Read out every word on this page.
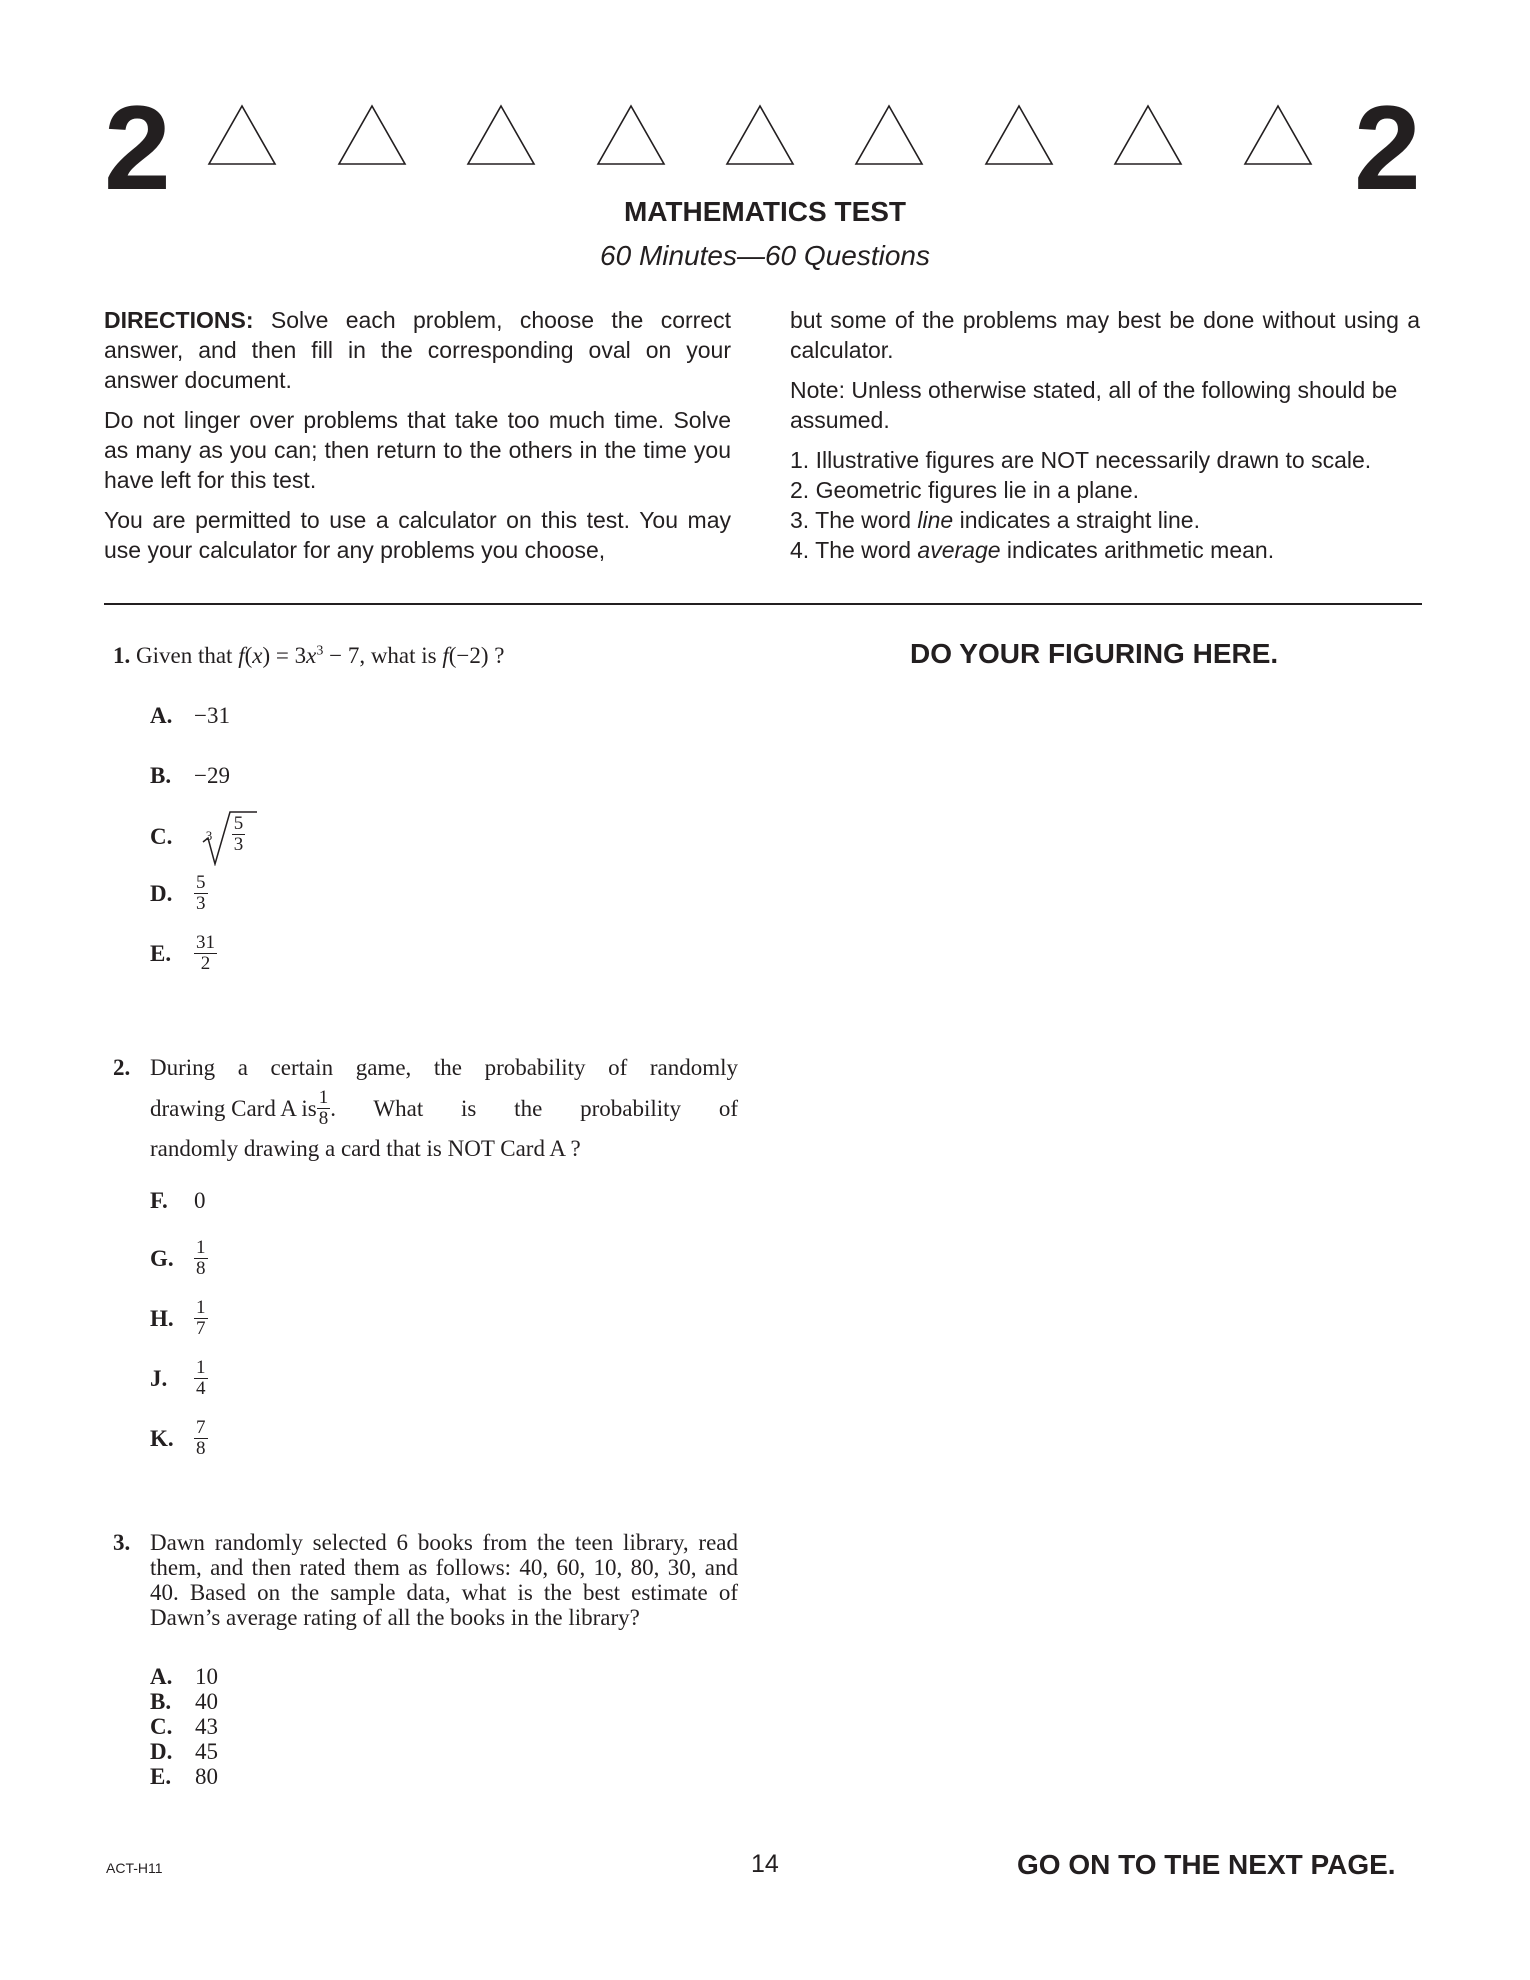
2	2
MATHEMATICS TEST
60 Minutes—60 Questions

DIRECTIONS: Solve each problem, choose the correct answer, and then fill in the corresponding oval on your answer document.

Do not linger over problems that take too much time. Solve as many as you can; then return to the others in the time you have left for this test.

You are permitted to use a calculator on this test. You may use your calculator for any problems you choose,

but some of the problems may best be done without using a calculator.

Note: Unless otherwise stated, all of the following should be assumed.

1. Illustrative figures are NOT necessarily drawn to scale.
2. Geometric figures lie in a plane.
3. The word line indicates a straight line.
4. The word average indicates arithmetic mean.
DO YOUR FIGURING HERE.
1. Given that $f(x) = 3x^3 - 7$, what is f(−2) ?
A. −31
B. −29
C.	$3 \frac{5}{3}$
D. $\frac{5}{3}$
E. $\frac{31}{2}$
2. During a certain game, the probability of randomly
drawing Card A is $\frac{1}{8}$ . What is the probability of
randomly drawing a card that is NOT Card A ?
F. 0
G. $\frac{1}{8}$
H. $\frac{1}{7}$
J. $\frac{1}{4}$
K. $\frac{7}{8}$
3. Dawn randomly selected 6 books from the teen library, read them, and then rated them as follows: 40, 60, 10, 80, 30, and 40. Based on the sample data, what is the best estimate of Dawn’s average rating of all the books in the library?
A. 10
B. 40
C. 43
D. 45
E. 80
ACT-H11	14	GO ON TO THE NEXT PAGE.
